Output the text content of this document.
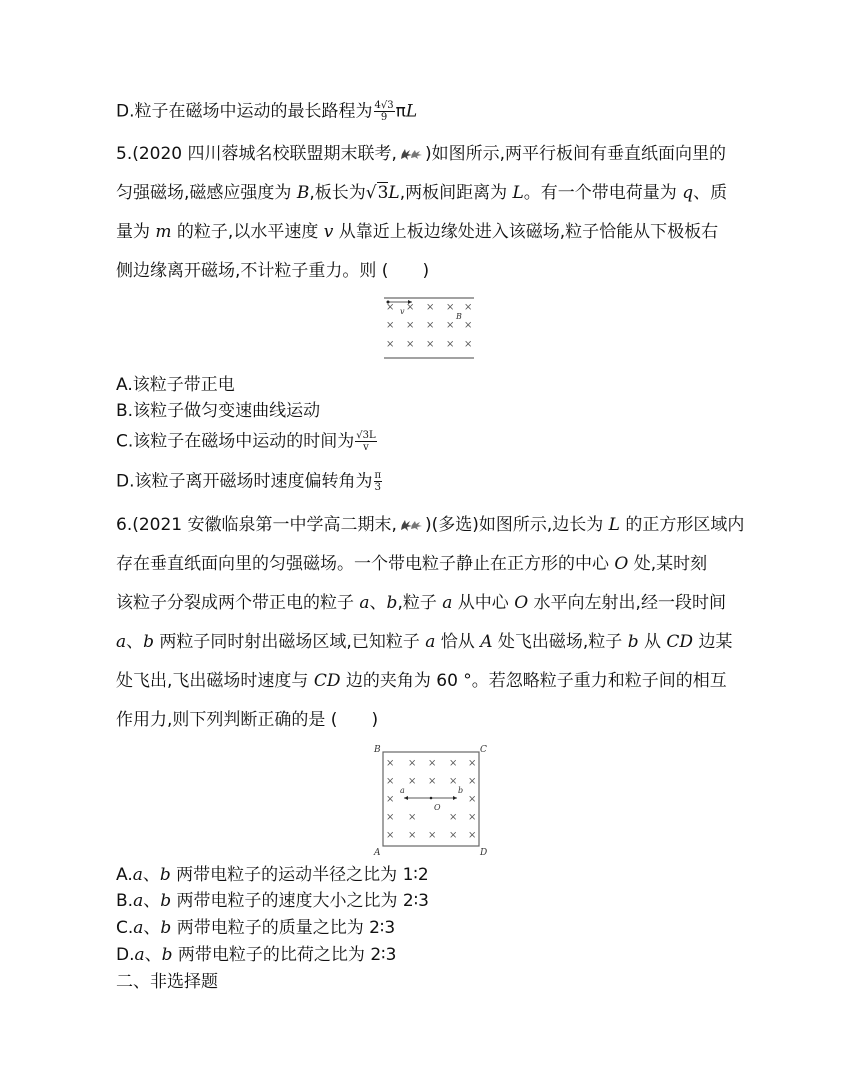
D.粒子在磁场中运动的最长路程为 $\frac{4√3}{9}$ πL
5.(2020 四川蓉城名校联盟期末联考, )如图所示,两平行板间有垂直纸面向里的
匀强磁场,磁感应强度为 B,板长为√3L,两板间距离为 L。有一个带电荷量为 q、质
量为 m 的粒子,以水平速度 v 从靠近上板边缘处进入该磁场,粒子恰能从下极板右
侧边缘离开磁场,不计粒子重力。则 (　　)
v
B
× × × × ×
× × × × ×
× × × × ×
A.该粒子带正电
B.该粒子做匀变速曲线运动
C.该粒子在磁场中运动的时间为 $\frac{√3L}{v}$
D.该粒子离开磁场时速度偏转角为 $\frac{\pi}{3}$
6.(2021 安徽临泉第一中学高二期末, )(多选)如图所示,边长为 L 的正方形区域内
存在垂直纸面向里的匀强磁场。一个带电粒子静止在正方形的中心 O 处,某时刻
该粒子分裂成两个带正电的粒子 a、b,粒子 a 从中心 O 水平向左射出,经一段时间
a、b 两粒子同时射出磁场区域,已知粒子 a 恰从 A 处飞出磁场,粒子 b 从 CD 边某
处飞出,飞出磁场时速度与 CD 边的夹角为 60 °。若忽略粒子重力和粒子间的相互
作用力,则下列判断正确的是 (　　)
B	C
A	D
× × × × ×
× × × × ×
×	×
× ×	× ×
× × × × ×
a	b
O
A.a、b 两带电粒子的运动半径之比为 1∶2
B.a、b 两带电粒子的速度大小之比为 2∶3
C.a、b 两带电粒子的质量之比为 2∶3
D.a、b 两带电粒子的比荷之比为 2∶3
二、非选择题
